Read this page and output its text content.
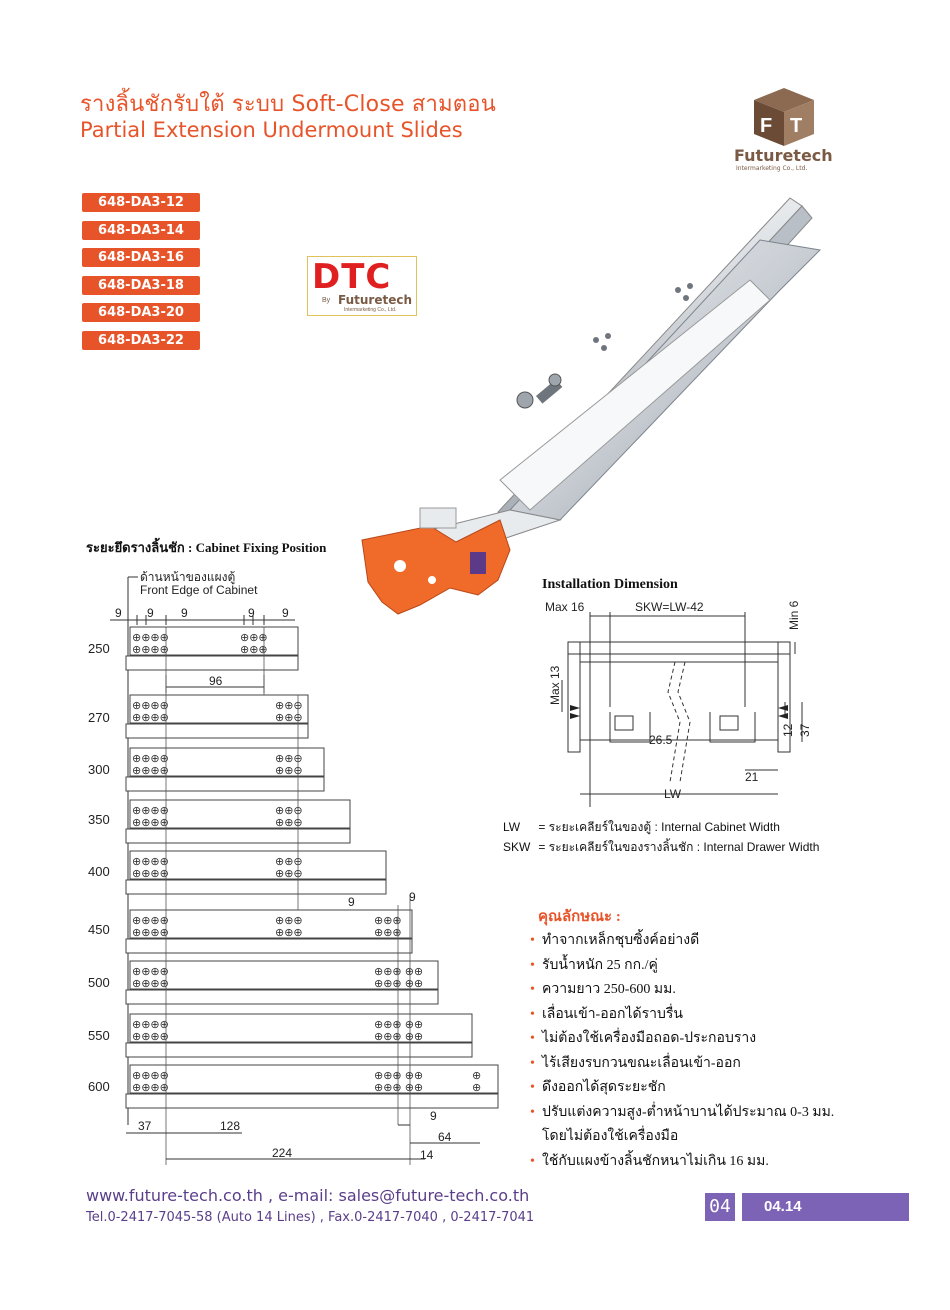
รางลิ้นชักรับใต้ ระบบ Soft-Close สามตอน
Partial Extension Undermount Slides	F T
Futuretech
Intermarketing Co., Ltd.
648-DA3-12
648-DA3-14
648-DA3-16
648-DA3-18
648-DA3-20
648-DA3-22
DTC
By Futuretech
Intermarketing Co., Ltd.
ระยะยึดรางลิ้นชัก : Cabinet Fixing Position
ด้านหน้าของแผงตู้
Front Edge of Cabinet
⊕⊕⊕⊕
⊕⊕⊕⊕
⊕⊕⊕
⊕⊕⊕
⊕⊕⊕⊕
⊕⊕⊕⊕
⊕⊕⊕
⊕⊕⊕
⊕⊕⊕⊕
⊕⊕⊕⊕
⊕⊕⊕
⊕⊕⊕
⊕⊕⊕⊕
⊕⊕⊕⊕
⊕⊕⊕
⊕⊕⊕
⊕⊕⊕⊕
⊕⊕⊕⊕
⊕⊕⊕
⊕⊕⊕
⊕⊕⊕⊕
⊕⊕⊕⊕
⊕⊕⊕
⊕⊕⊕
⊕⊕⊕
⊕⊕⊕
⊕⊕⊕⊕
⊕⊕⊕⊕
⊕⊕⊕ ⊕⊕
⊕⊕⊕ ⊕⊕
⊕⊕⊕⊕
⊕⊕⊕⊕
⊕⊕⊕ ⊕⊕
⊕⊕⊕ ⊕⊕
⊕⊕⊕⊕
⊕⊕⊕⊕
⊕⊕⊕ ⊕⊕
⊕⊕⊕ ⊕⊕
⊕
⊕
9 9 9	9 9
96
9	9
250
270
300
350
400
450
500
550
600
37	128
9
64
224	14
Installation Dimension
Max 16	SKW=LW-42	Min 6
Max 13
26.5
12 37
21
LW
LW = ระยะเคลียร์ในของตู้ : Internal Cabinet Width
SKW = ระยะเคลียร์ในของรางลิ้นชัก : Internal Drawer Width
คุณลักษณะ :
• ทำจากเหล็กชุบซิ้งค์อย่างดี
• รับน้ำหนัก 25 กก./คู่
• ความยาว 250-600 มม.
• เลื่อนเข้า-ออกได้ราบรื่น
• ไม่ต้องใช้เครื่องมือถอด-ประกอบราง
• ไร้เสียงรบกวนขณะเลื่อนเข้า-ออก
• ดึงออกได้สุดระยะชัก
• ปรับแต่งความสูง-ต่ำหน้าบานได้ประมาณ 0-3 มม.
โดยไม่ต้องใช้เครื่องมือ
• ใช้กับแผงข้างลิ้นชักหนาไม่เกิน 16 มม.
www.future-tech.co.th , e-mail: sales@future-tech.co.th
Tel.0-2417-7045-58 (Auto 14 Lines) , Fax.0-2417-7040 , 0-2417-7041
04	04.14
